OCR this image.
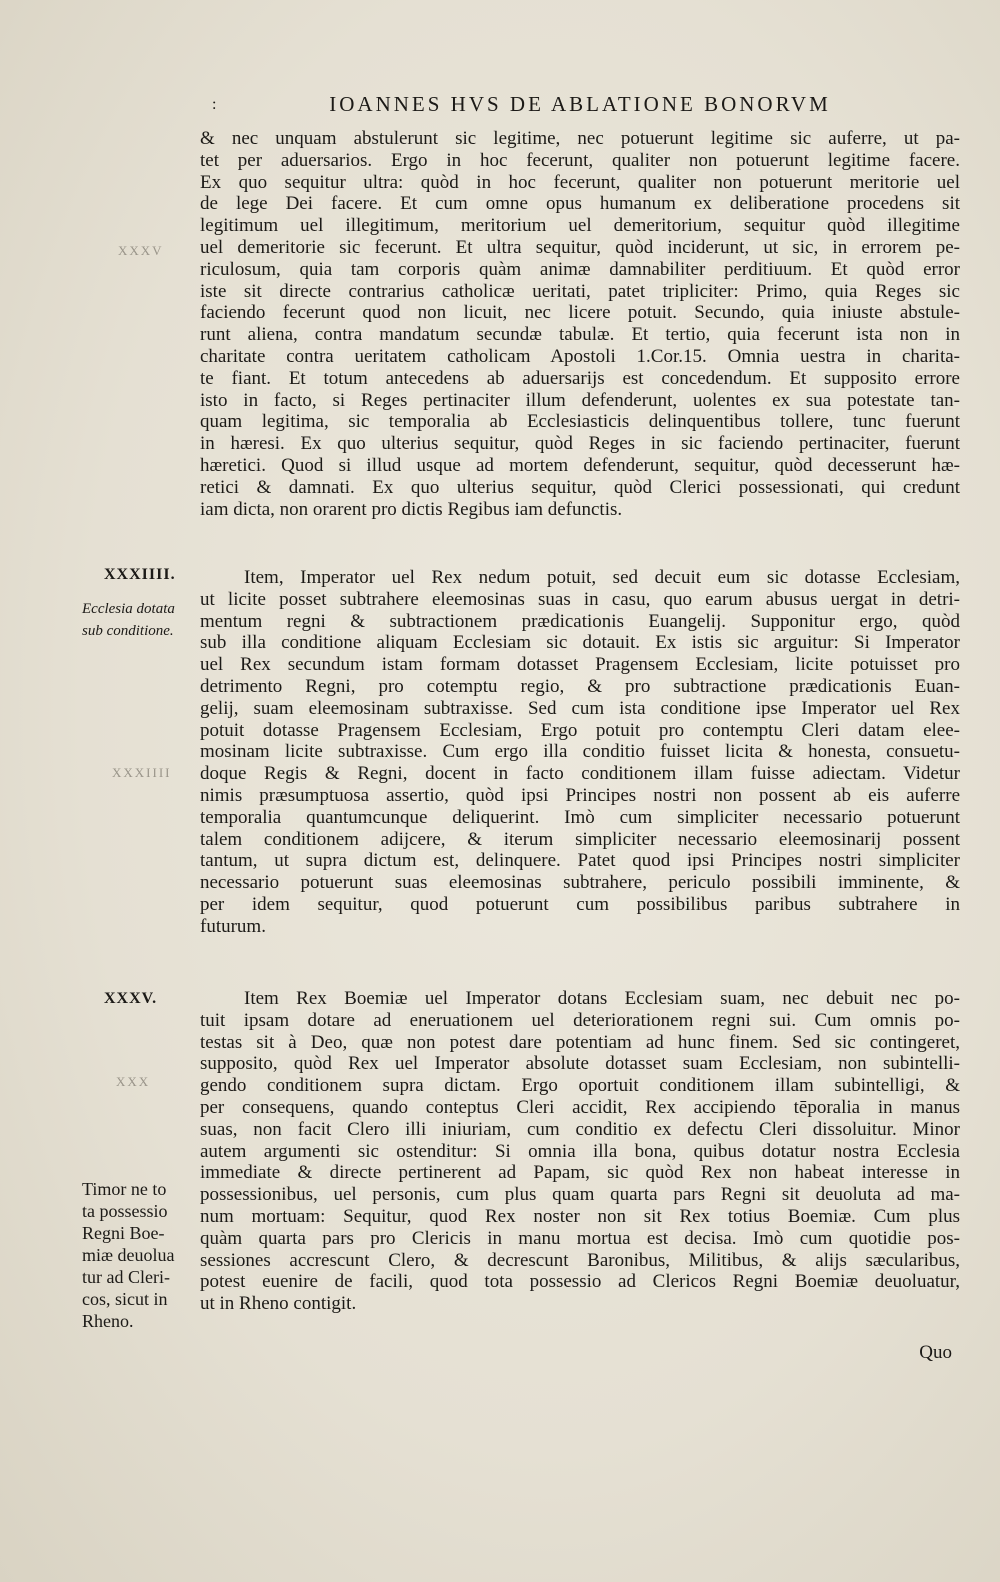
:	IOANNES HVS DE ABLATIONE BONORVM
XXXV
XXXIIII
XXX
& nec unquam abstulerunt sic legitime, nec potuerunt legitime sic auferre, ut pa-
tet per aduersarios. Ergo in hoc fecerunt, qualiter non potuerunt legitime facere.
Ex quo sequitur ultra: quòd in hoc fecerunt, qualiter non potuerunt meritorie uel
de lege Dei facere. Et cum omne opus humanum ex deliberatione procedens sit
legitimum uel illegitimum, meritorium uel demeritorium, sequitur quòd illegitime
uel demeritorie sic fecerunt. Et ultra sequitur, quòd inciderunt, ut sic, in errorem pe-
riculosum, quia tam corporis quàm animæ damnabiliter perditiuum. Et quòd error
iste sit directe contrarius catholicæ ueritati, patet tripliciter: Primo, quia Reges sic
faciendo fecerunt quod non licuit, nec licere potuit. Secundo, quia iniuste abstule-
runt aliena, contra mandatum secundæ tabulæ. Et tertio, quia fecerunt ista non in
charitate contra ueritatem catholicam Apostoli 1.Cor.15. Omnia uestra in charita-
te fiant. Et totum antecedens ab aduersarijs est concedendum. Et supposito errore
isto in facto, si Reges pertinaciter illum defenderunt, uolentes ex sua potestate tan-
quam legitima, sic temporalia ab Ecclesiasticis delinquentibus tollere, tunc fuerunt
in hæresi. Ex quo ulterius sequitur, quòd Reges in sic faciendo pertinaciter, fuerunt
hæretici. Quod si illud usque ad mortem defenderunt, sequitur, quòd decesserunt hæ-
retici & damnati. Ex quo ulterius sequitur, quòd Clerici possessionati, qui credunt
iam dicta, non orarent pro dictis Regibus iam defunctis.
XXXIIII.
Ecclesia dotata
sub conditione.
Item, Imperator uel Rex nedum potuit, sed decuit eum sic dotasse Ecclesiam,
ut licite posset subtrahere eleemosinas suas in casu, quo earum abusus uergat in detri-
mentum regni & subtractionem prædicationis Euangelij. Supponitur ergo, quòd
sub illa conditione aliquam Ecclesiam sic dotauit. Ex istis sic arguitur: Si Imperator
uel Rex secundum istam formam dotasset Pragensem Ecclesiam, licite potuisset pro
detrimento Regni, pro cotemptu regio, & pro subtractione prædicationis Euan-
gelij, suam eleemosinam subtraxisse. Sed cum ista conditione ipse Imperator uel Rex
potuit dotasse Pragensem Ecclesiam, Ergo potuit pro contemptu Cleri datam elee-
mosinam licite subtraxisse. Cum ergo illa conditio fuisset licita & honesta, consuetu-
doque Regis & Regni, docent in facto conditionem illam fuisse adiectam. Videtur
nimis præsumptuosa assertio, quòd ipsi Principes nostri non possent ab eis auferre
temporalia quantumcunque deliquerint. Imò cum simpliciter necessario potuerunt
talem conditionem adijcere, & iterum simpliciter necessario eleemosinarij possent
tantum, ut supra dictum est, delinquere. Patet quod ipsi Principes nostri simpliciter
necessario potuerunt suas eleemosinas subtrahere, periculo possibili imminente, &
per idem sequitur, quod potuerunt cum possibilibus paribus subtrahere in
futurum.
XXXV.	Item Rex Boemiæ uel Imperator dotans Ecclesiam suam, nec debuit nec po-
tuit ipsam dotare ad eneruationem uel deteriorationem regni sui. Cum omnis po-
testas sit à Deo, quæ non potest dare potentiam ad hunc finem. Sed sic contingeret,
supposito, quòd Rex uel Imperator absolute dotasset suam Ecclesiam, non subintelli-
gendo conditionem supra dictam. Ergo oportuit conditionem illam subintelligi, &
per consequens, quando conteptus Cleri accidit, Rex accipiendo tēporalia in manus
suas, non facit Clero illi iniuriam, cum conditio ex defectu Cleri dissoluitur. Minor
autem argumenti sic ostenditur: Si omnia illa bona, quibus dotatur nostra Ecclesia
immediate & directe pertinerent ad Papam, sic quòd Rex non habeat interesse in
possessionibus, uel personis, cum plus quam quarta pars Regni sit deuoluta ad ma-
num mortuam: Sequitur, quod Rex noster non sit Rex totius Boemiæ. Cum plus
quàm quarta pars pro Clericis in manu mortua est decisa. Imò cum quotidie pos-
sessiones accrescunt Clero, & decrescunt Baronibus, Militibus, & alijs sæcularibus,
potest euenire de facili, quod tota possessio ad Clericos Regni Boemiæ deuoluatur,
ut in Rheno contigit.
Timor ne to
ta possessio
Regni Boe-
miæ deuolua
tur ad Cleri-
cos, sicut in
Rheno.
Quo
